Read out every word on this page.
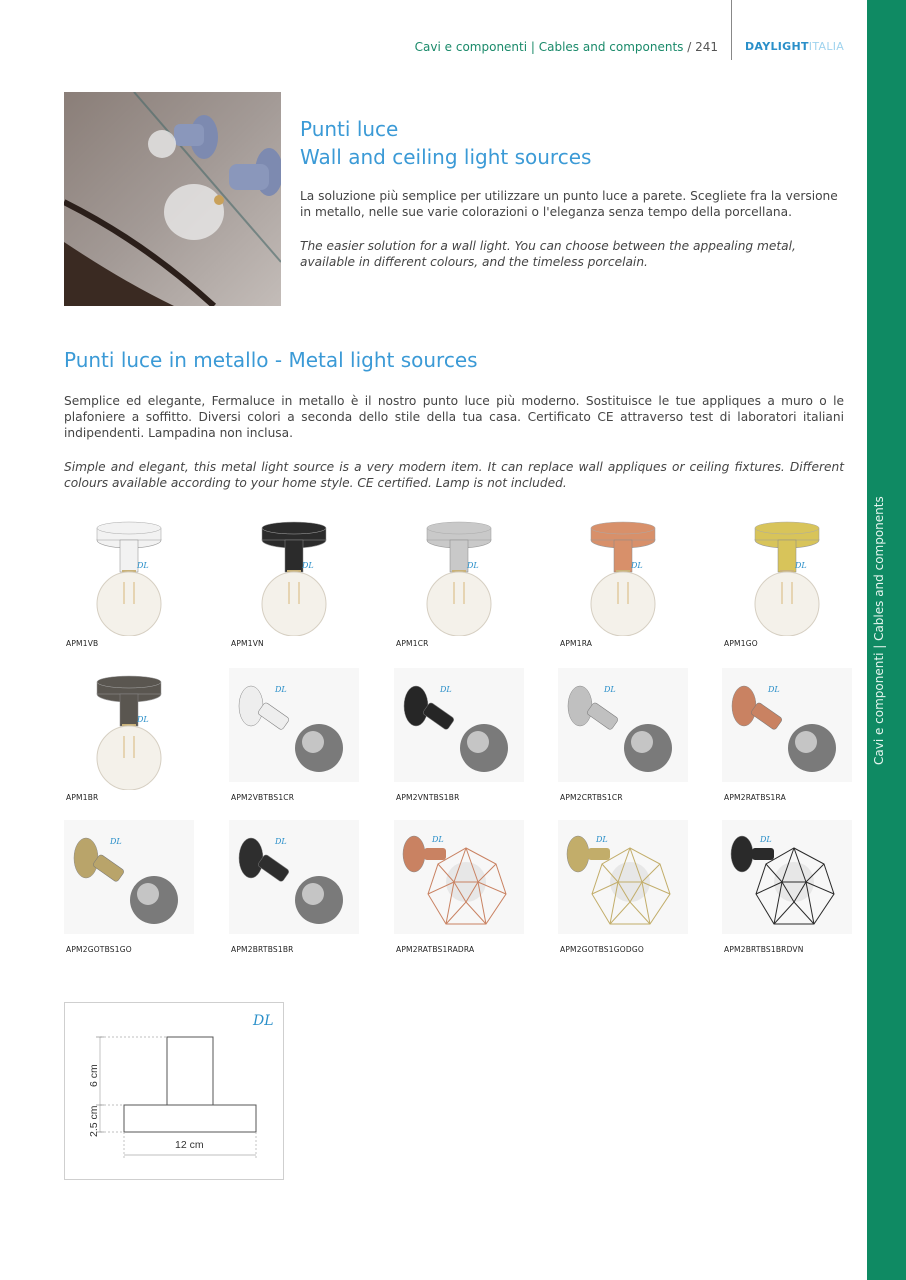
Cavi e componenti | Cables and components / 241 DAYLIGHTITALIA
Cavi e componenti | Cables and components
Punti luce
Wall and ceiling light sources
La soluzione più semplice per utilizzare un punto luce a parete. Scegliete fra la versione in metallo, nelle sue varie colorazioni o l'eleganza senza tempo della porcellana.
The easier solution for a wall light. You can choose between the appealing metal, available in different colours, and the timeless porcelain.
Punti luce in metallo - Metal light sources
Semplice ed elegante, Fermaluce in metallo è il nostro punto luce più moderno. Sostituisce le tue appliques a muro o le plafoniere a soffitto. Diversi colori a seconda dello stile della tua casa. Certificato CE attraverso test di laboratori italiani indipendenti. Lampadina non inclusa.
Simple and elegant, this metal light source is a very modern item. It can replace wall appliques or ceiling fixtures. Different colours available according to your home style. CE certified. Lamp is not included.
DL
APM1VB
DL
APM1VN
DL
APM1CR
DL
APM1RA
DL
APM1GO
DL
APM1BR
DL
APM2VBTBS1CR
DL
APM2VNTBS1BR
DL
APM2CRTBS1CR
DL
APM2RATBS1RA
DL
APM2GOTBS1GO
DL
APM2BRTBS1BR
DL
APM2RATBS1RADRA
DL
APM2GOTBS1GODGO
DL
APM2BRTBS1BRDVN
DL
6 cm
2.5 cm
12 cm
